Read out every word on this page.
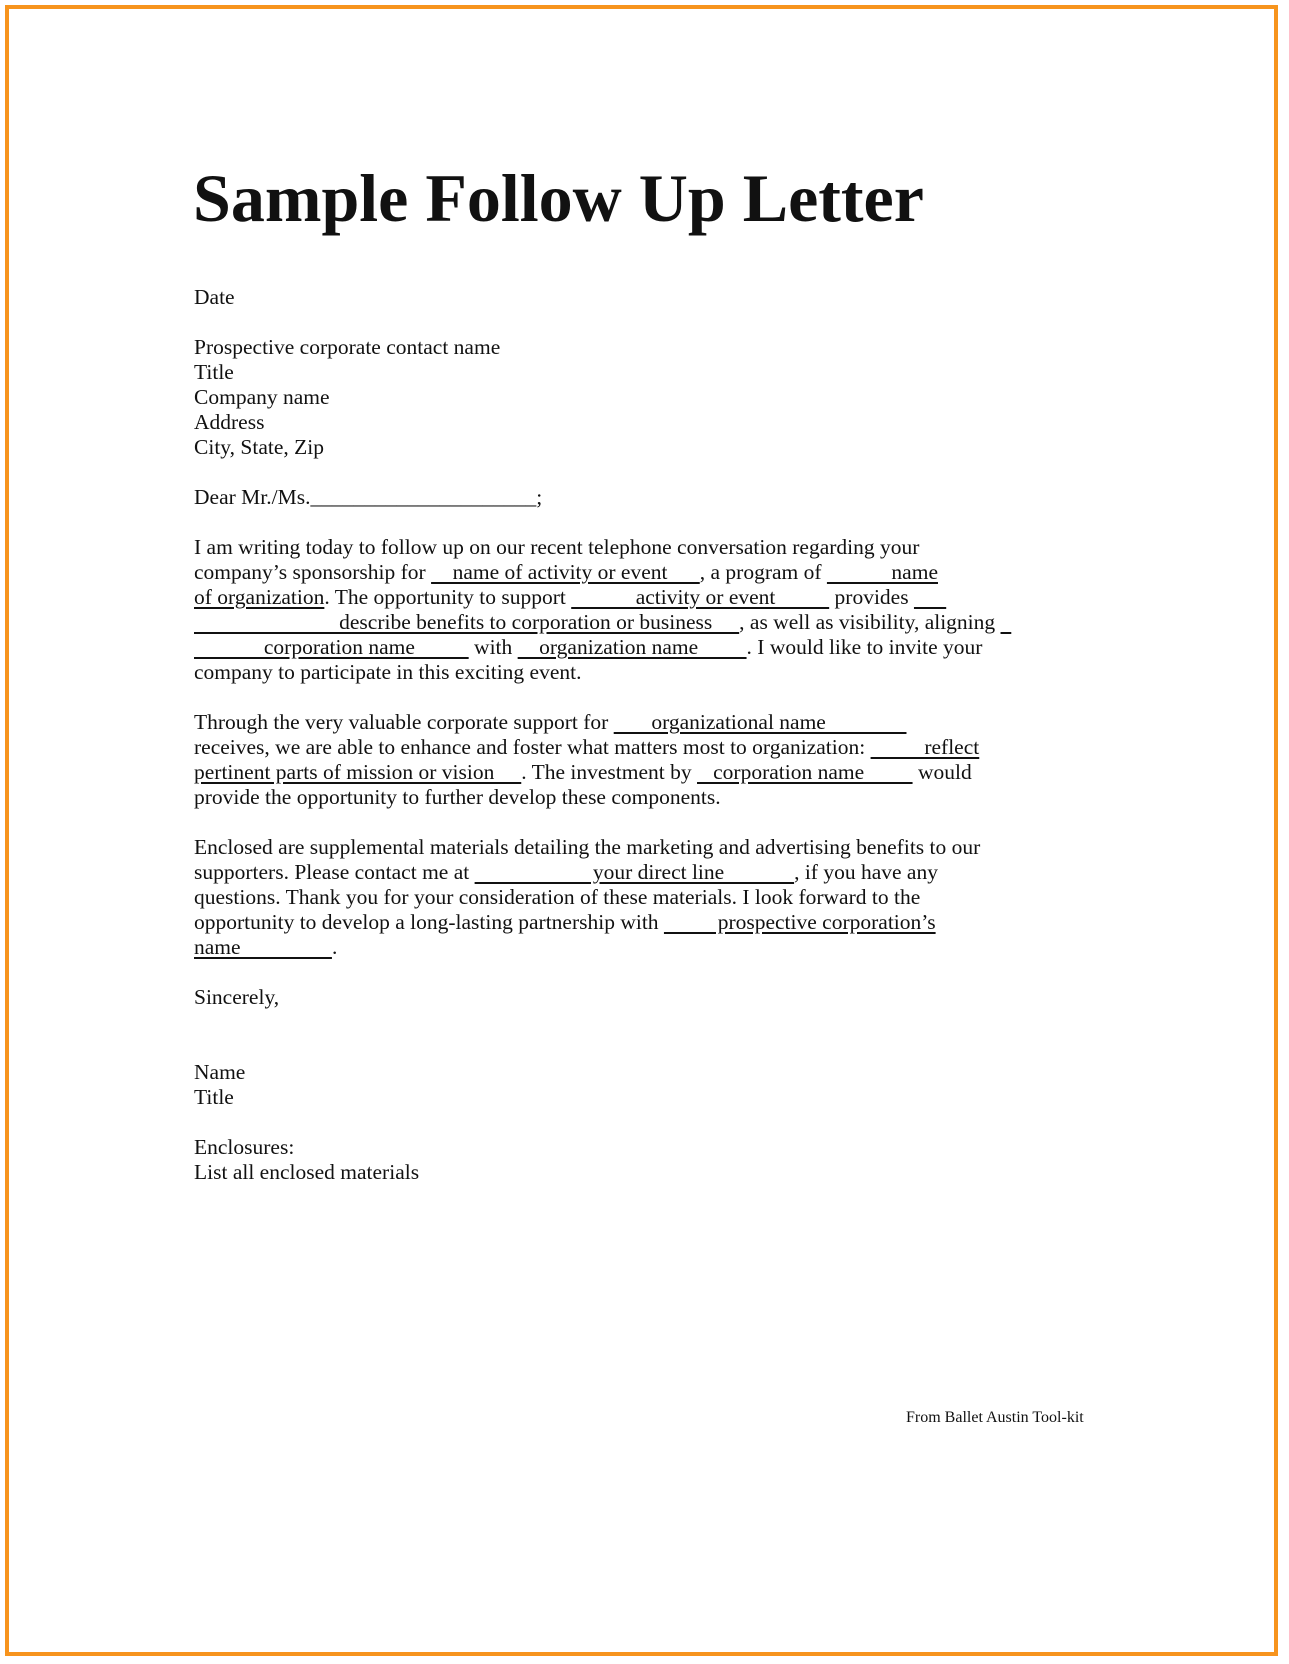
Sample Follow Up Letter
Date
Prospective corporate contact name
Title
Company name
Address
City, State, Zip
Dear Mr./Ms._____________________;
I am writing today to follow up on our recent telephone conversation regarding your
company’s sponsorship for     name of activity or event      , a program of             name
of organization. The opportunity to support             activity or event           provides
describe benefits to corporation or business     , as well as visibility, aligning
corporation name           with     organization name         . I would like to invite your
company to participate in this exciting event.
Through the very valuable corporate support for        organizational name
receives, we are able to enhance and foster what matters most to organization:           reflect
pertinent parts of mission or vision     . The investment by    corporation name          would
provide the opportunity to further develop these components.
Enclosed are supplemental materials detailing the marketing and advertising benefits to our
supporters. Please contact me at                       your direct line             , if you have any
questions. Thank you for your consideration of these materials. I look forward to the
opportunity to develop a long-lasting partnership with           prospective corporation’s
name                 .
Sincerely,
Name
Title
Enclosures:
List all enclosed materials
From Ballet Austin Tool-kit
